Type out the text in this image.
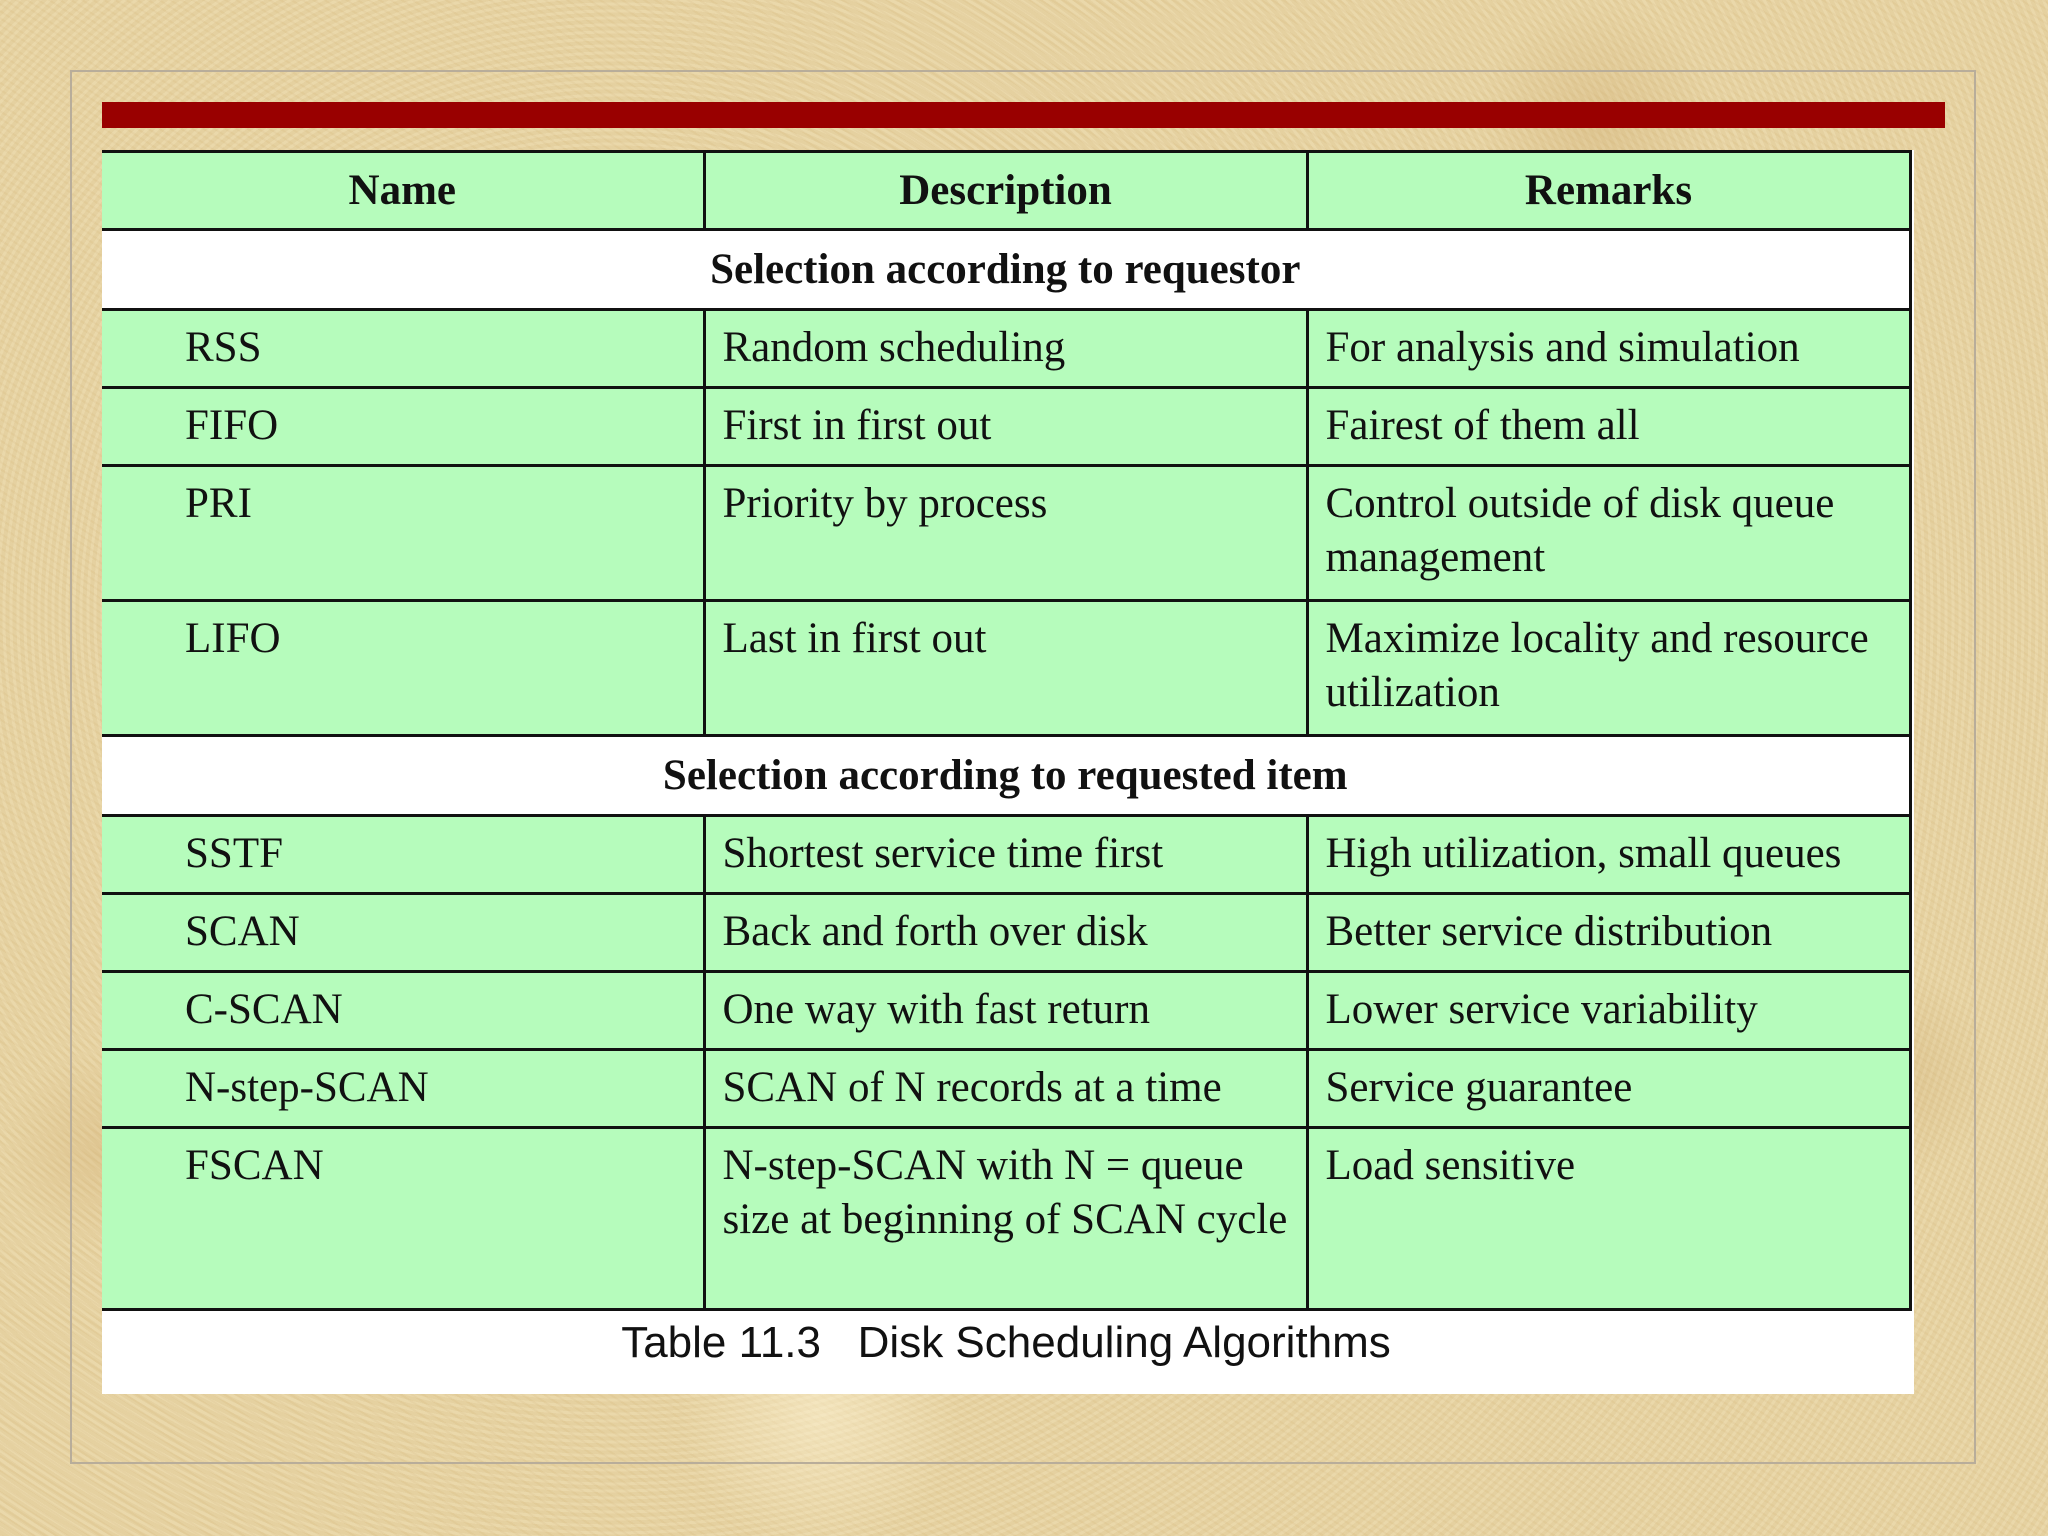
Name	Description	Remarks
Selection according to requestor		
RSS	Random scheduling	For analysis and simulation
FIFO	First in first out	Fairest of them all
PRI	Priority by process	Control outside of disk queue management
LIFO	Last in first out	Maximize locality and resource utilization
Selection according to requested item		
SSTF	Shortest service time first	High utilization, small queues
SCAN	Back and forth over disk	Better service distribution
C-SCAN	One way with fast return	Lower service variability
N-step-SCAN	SCAN of N records at a time	Service guarantee
FSCAN	N-step-SCAN with N = queue size at beginning of SCAN cycle	Load sensitive
Table 11.3   Disk Scheduling Algorithms
